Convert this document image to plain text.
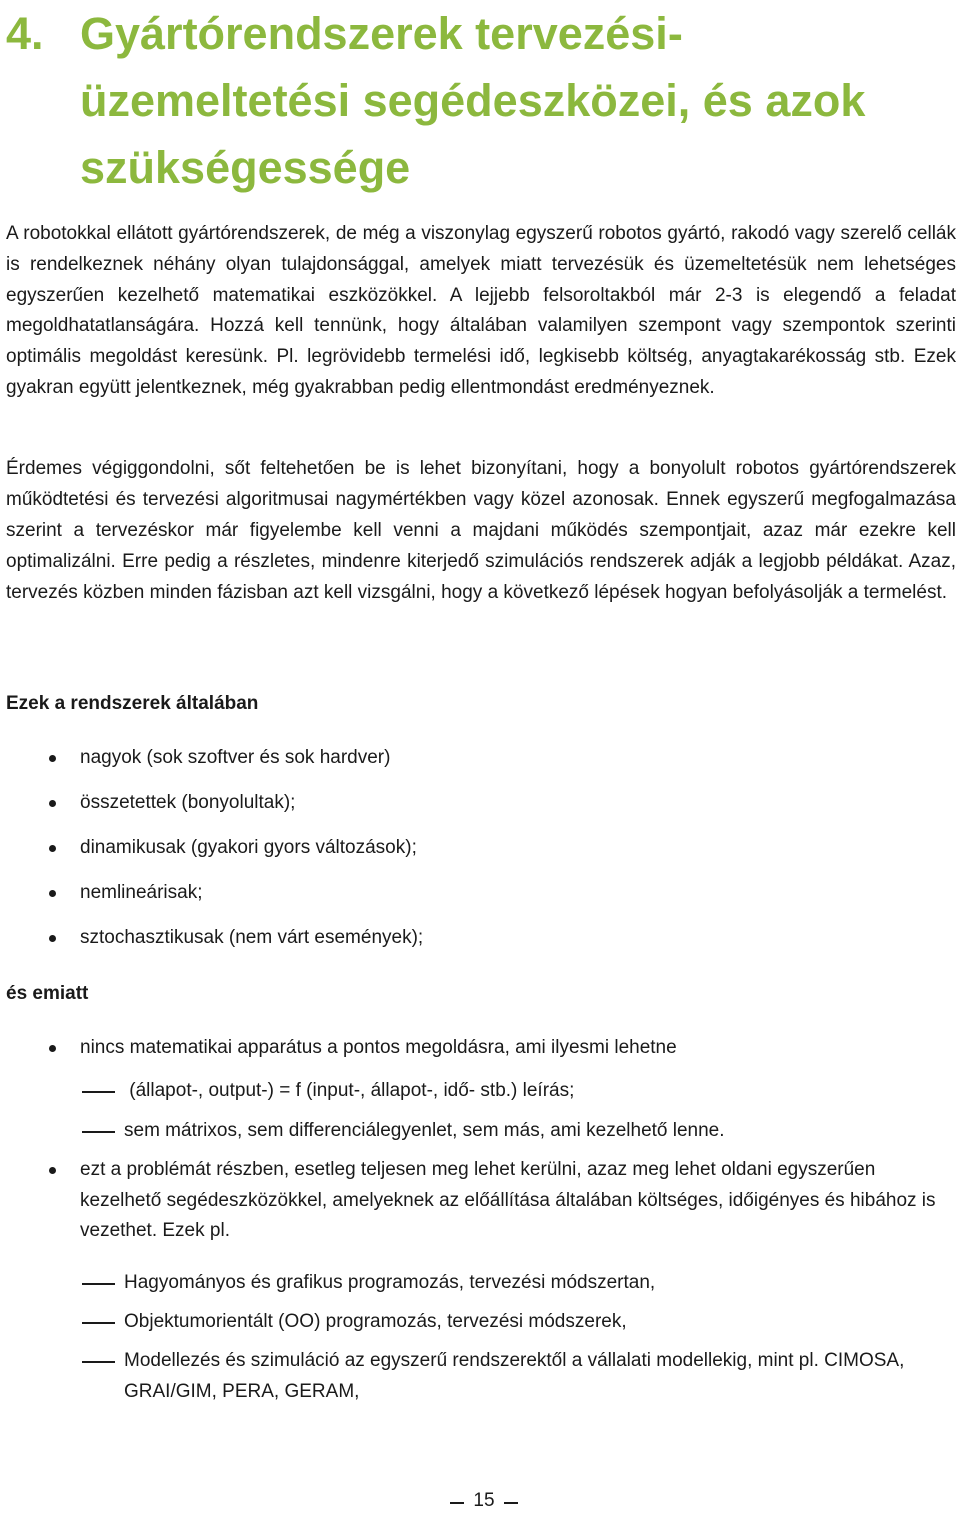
4. Gyártórendszerek tervezési-üzemeltetési segédeszközei, és azok szükségessége

A robotokkal ellátott gyártórendszerek, de még a viszonylag egyszerű robotos gyártó, rakodó vagy szerelő cellák is rendelkeznek néhány olyan tulajdonsággal, amelyek miatt tervezésük és üzemeltetésük nem lehetséges egyszerűen kezelhető matematikai eszközökkel. A lejjebb felsoroltakból már 2-3 is elegendő a feladat megoldhatatlanságára. Hozzá kell tennünk, hogy általában valamilyen szempont vagy szempontok szerinti optimális megoldást keresünk. Pl. legrövidebb termelési idő, legkisebb költség, anyagtakarékosság stb. Ezek gyakran együtt jelentkeznek, még gyakrabban pedig ellentmondást eredményeznek.

Érdemes végiggondolni, sőt feltehetően be is lehet bizonyítani, hogy a bonyolult robotos gyártórendszerek működtetési és tervezési algoritmusai nagymértékben vagy közel azonosak. Ennek egyszerű megfogalmazása szerint a tervezéskor már figyelembe kell venni a majdani működés szempontjait, azaz már ezekre kell optimalizálni. Erre pedig a részletes, mindenre kiterjedő szimulációs rendszerek adják a legjobb példákat. Azaz, tervezés közben minden fázisban azt kell vizsgálni, hogy a következő lépések hogyan befolyásolják a termelést.

Ezek a rendszerek általában

nagyok (sok szoftver és sok hardver)
összetettek (bonyolultak);
dinamikusak (gyakori gyors változások);
nemlineárisak;
sztochasztikusak (nem várt események);

és emiatt

nincs matematikai apparátus a pontos megoldásra, ami ilyesmi lehetne
(állapot-, output-) = f (input-, állapot-, idő- stb.) leírás;
sem mátrixos, sem differenciálegyenlet, sem más, ami kezelhető lenne.
ezt a problémát részben, esetleg teljesen meg lehet kerülni, azaz meg lehet oldani egyszerűen kezelhető segédeszközökkel, amelyeknek az előállítása általában költséges, időigényes és hibához is vezethet. Ezek pl.
Hagyományos és grafikus programozás, tervezési módszertan,
Objektumorientált (OO) programozás, tervezési módszerek,
Modellezés és szimuláció az egyszerű rendszerektől a vállalati modellekig, mint pl. CIMOSA, GRAI/GIM, PERA, GERAM,
15
